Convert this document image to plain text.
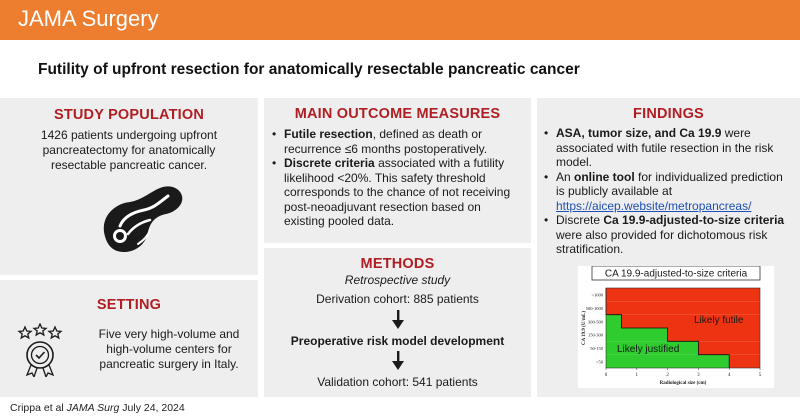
JAMA Surgery
Futility of upfront resection for anatomically resectable pancreatic cancer
STUDY POPULATION
1426 patients undergoing upfront pancreatectomy for anatomically resectable pancreatic cancer.
SETTING
Five very high-volume and high-volume centers for pancreatic surgery in Italy.
MAIN OUTCOME MEASURES
• Futile resection, defined as death or recurrence ≤6 months postoperatively.
• Discrete criteria associated with a futility likelihood <20%. This safety threshold corresponds to the chance of not receiving post-neoadjuvant resection based on existing pooled data.
METHODS
Retrospective study
Derivation cohort: 885 patients
Preoperative risk model development
Validation cohort: 541 patients
FINDINGS
• ASA, tumor size, and Ca 19.9 were associated with futile resection in the risk model.
• An online tool for individualized prediction is publicly available at https://aicep.website/metropancreas/
• Discrete Ca 19.9-adjusted-to-size criteria were also provided for dichotomous risk stratification.
CA 19.9-adjusted-to-size criteria
<50
50-150
150-300
300-500
500-1000
>1000
0	1	2	3	4	5
Radiological size (cm)
CA 19.9 (U/mL)	Likely futile
Likely justified
Crippa et al JAMA Surg July 24, 2024
